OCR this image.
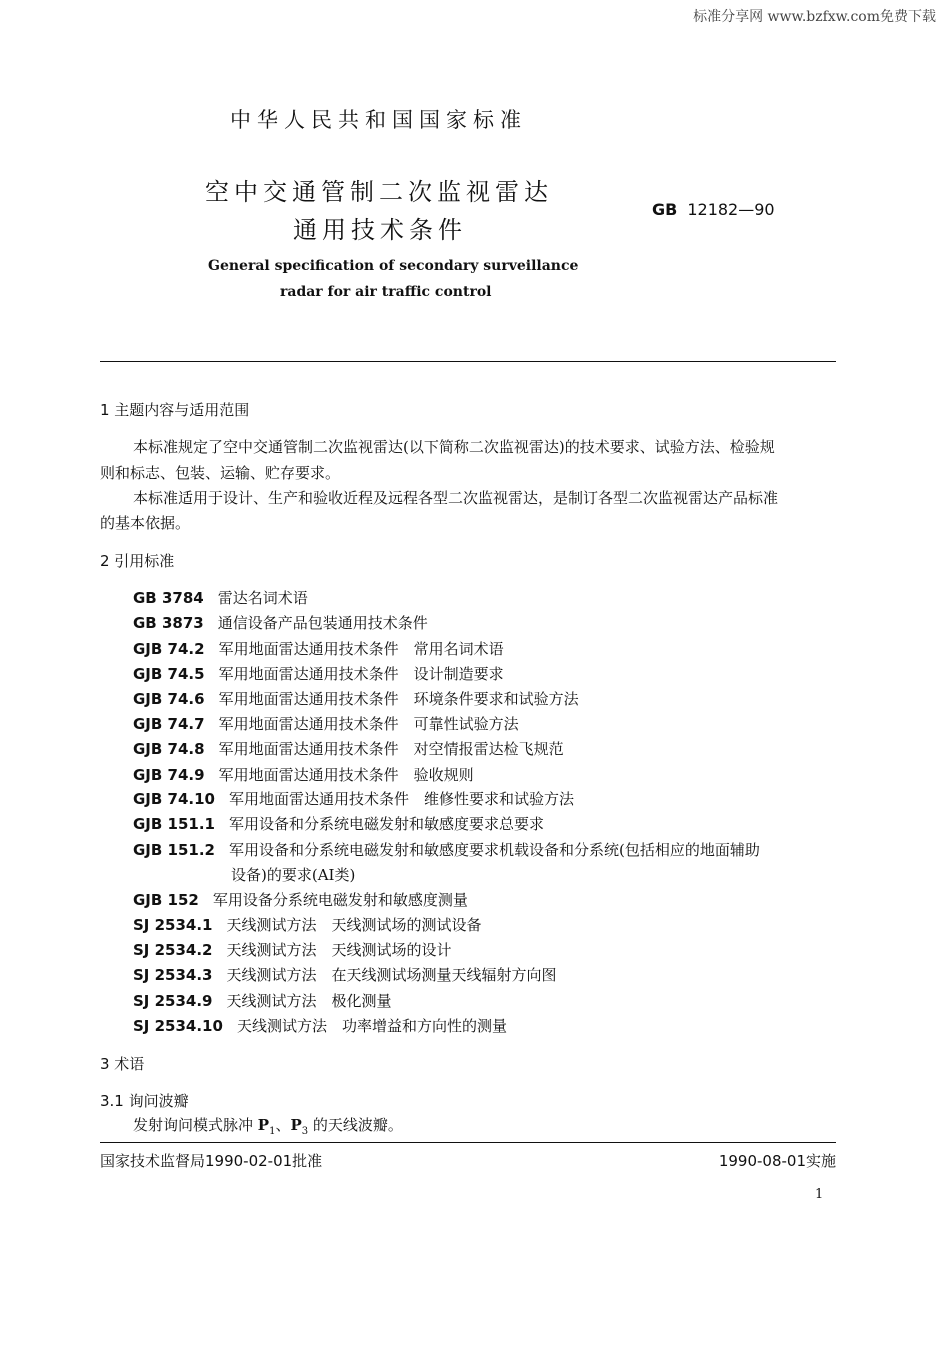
标准分享网 www.bzfxw.com免费下载
中华人民共和国国家标准
空中交通管制二次监视雷达
通用技术条件
GB 12182—90
General specification of secondary surveillance
radar for air traffic control
1 主题内容与适用范围
本标准规定了空中交通管制二次监视雷达(以下简称二次监视雷达)的技术要求、试验方法、检验规
则和标志、包装、运输、贮存要求。
本标准适用于设计、生产和验收近程及远程各型二次监视雷达，是制订各型二次监视雷达产品标准
的基本依据。
2 引用标准
GB 3784 雷达名词术语
GB 3873 通信设备产品包装通用技术条件
GJB 74.2 军用地面雷达通用技术条件　常用名词术语
GJB 74.5 军用地面雷达通用技术条件　设计制造要求
GJB 74.6 军用地面雷达通用技术条件　环境条件要求和试验方法
GJB 74.7 军用地面雷达通用技术条件　可靠性试验方法
GJB 74.8 军用地面雷达通用技术条件　对空情报雷达检飞规范
GJB 74.9 军用地面雷达通用技术条件　验收规则
GJB 74.10 军用地面雷达通用技术条件　维修性要求和试验方法
GJB 151.1 军用设备和分系统电磁发射和敏感度要求总要求
GJB 151.2 军用设备和分系统电磁发射和敏感度要求机载设备和分系统(包括相应的地面辅助
设备)的要求(AI类)
GJB 152 军用设备分系统电磁发射和敏感度测量
SJ 2534.1 天线测试方法　天线测试场的测试设备
SJ 2534.2 天线测试方法　天线测试场的设计
SJ 2534.3 天线测试方法　在天线测试场测量天线辐射方向图
SJ 2534.9 天线测试方法　极化测量
SJ 2534.10 天线测试方法　功率增益和方向性的测量
3 术语
3.1 询问波瓣
发射询问模式脉冲 $P_1$、$P_3$ 的天线波瓣。
国家技术监督局1990-02-01批准	1990-08-01实施
1
